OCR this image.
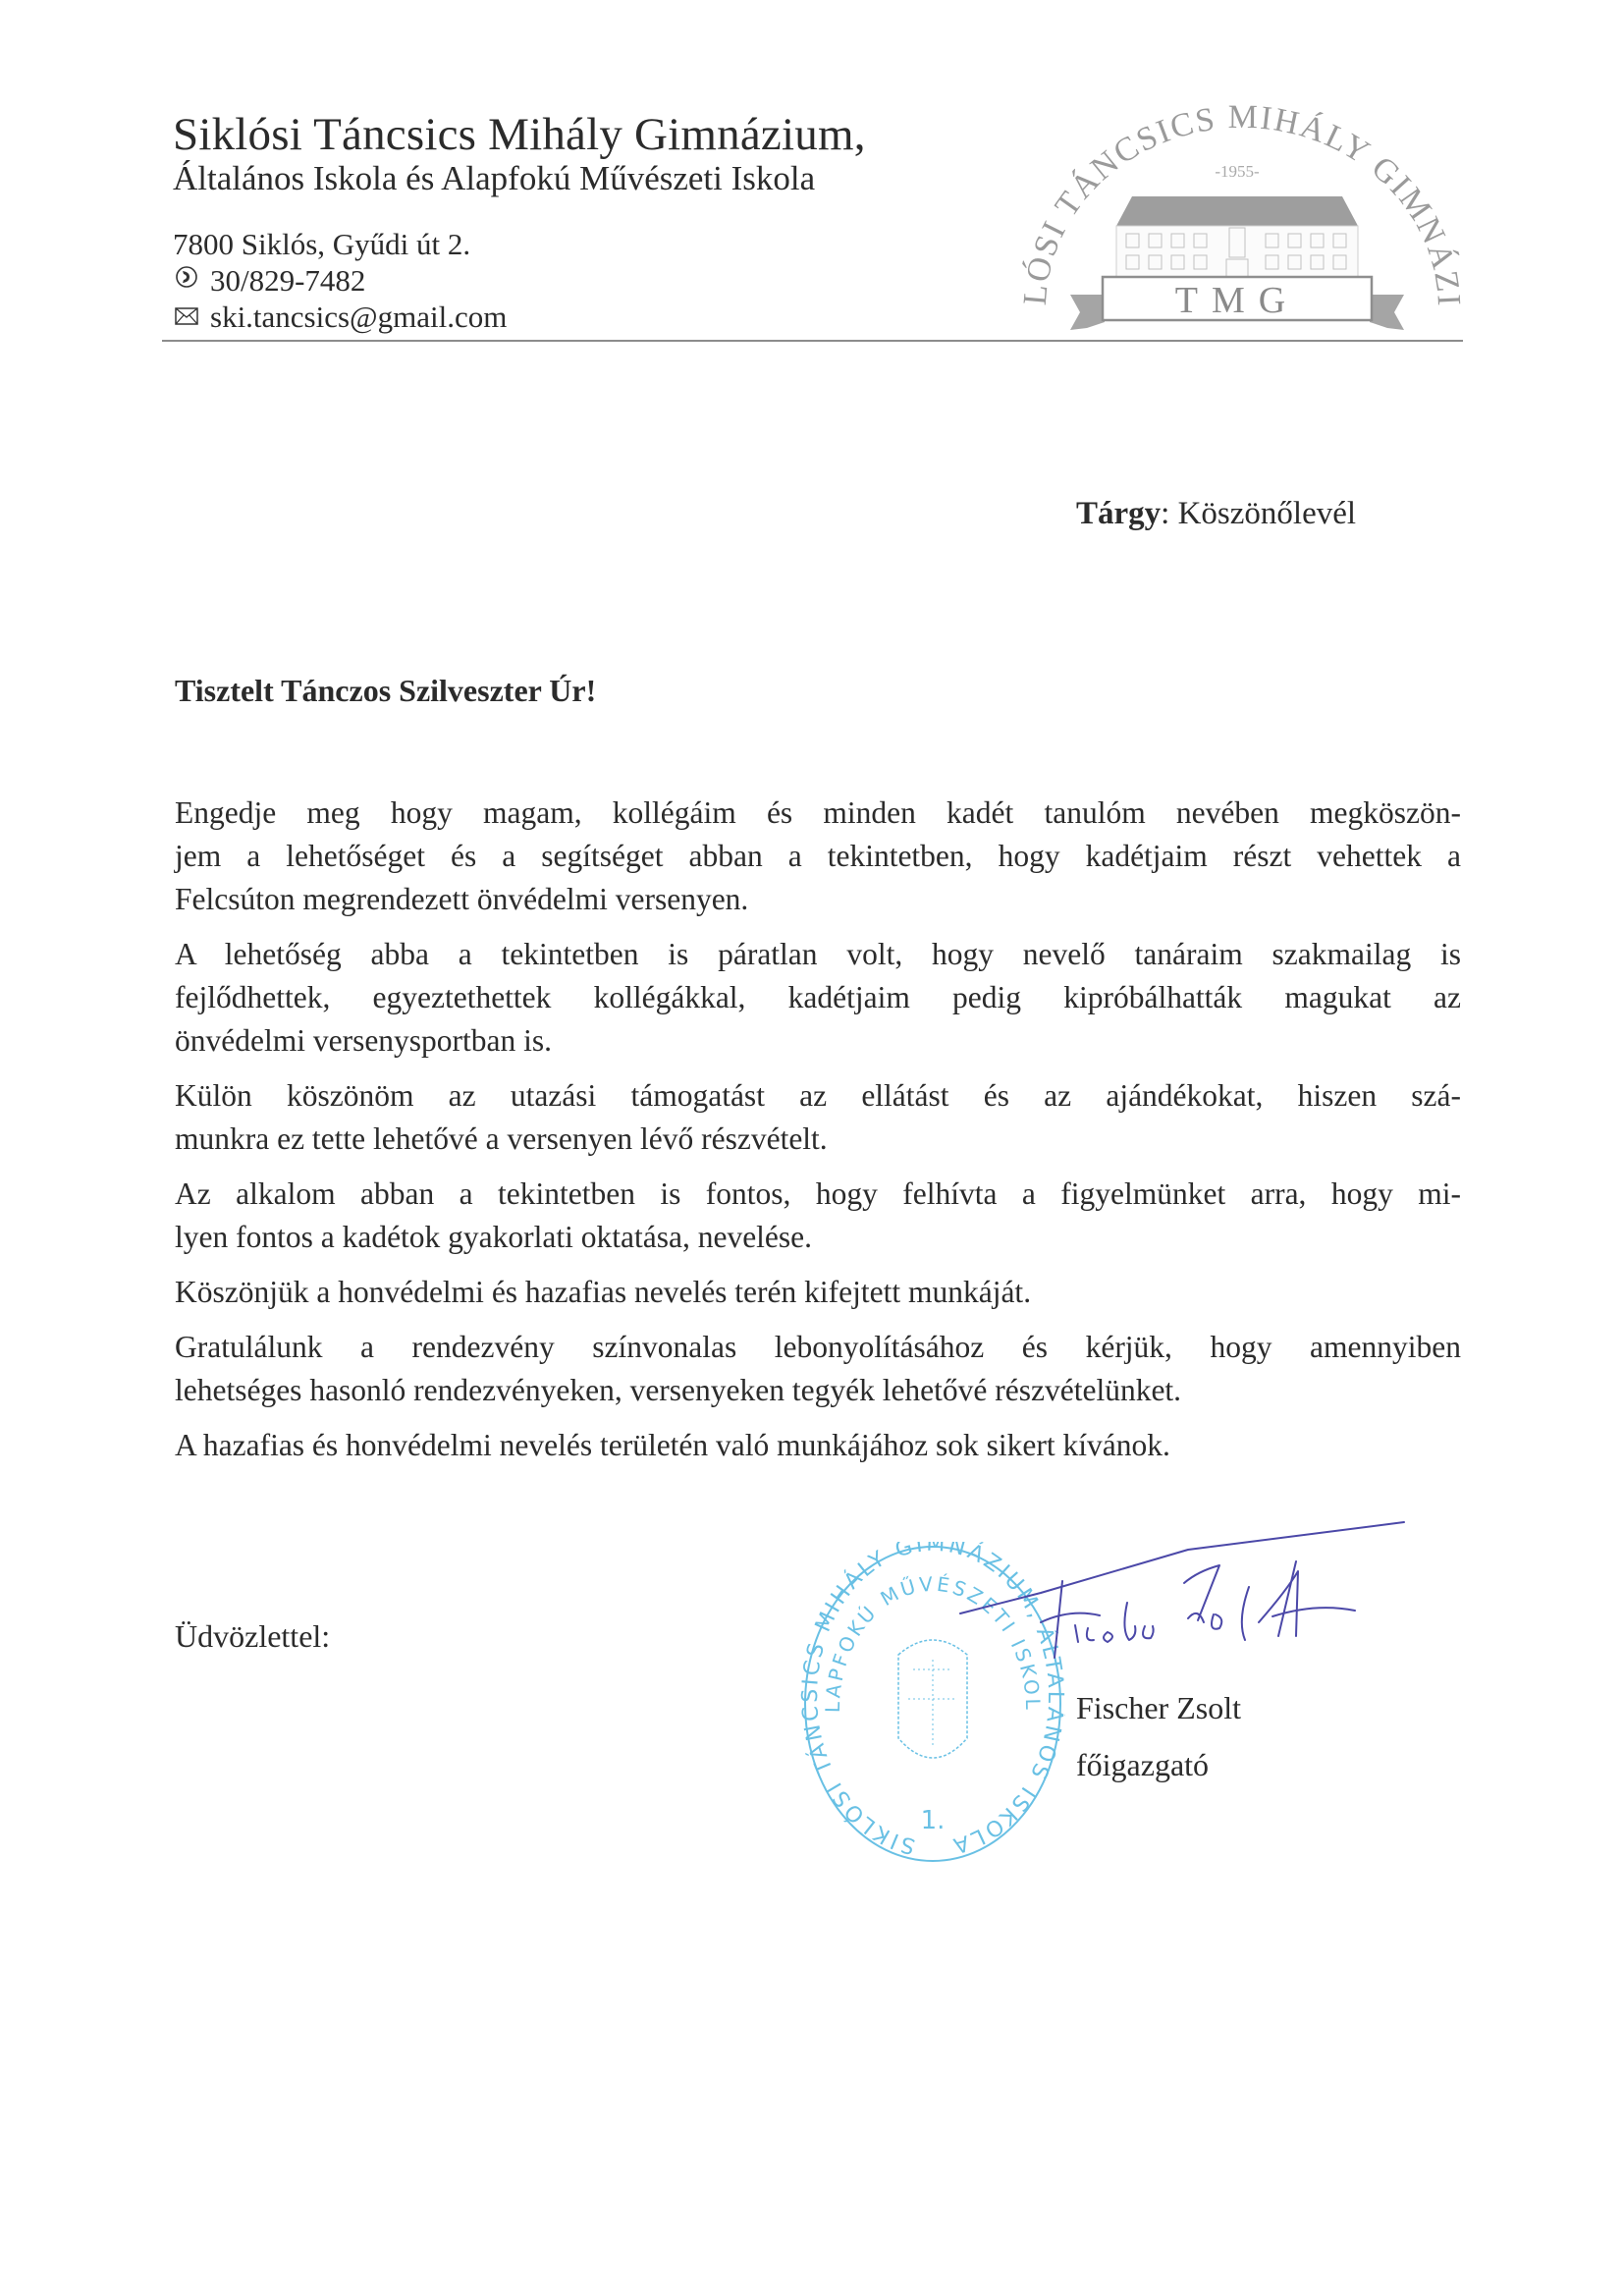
Siklósi Táncsics Mihály Gimnázium,
Általános Iskola és Alapfokú Művészeti Iskola
7800 Siklós, Gyűdi út 2.
30/829-7482
ski.tancsics@gmail.com
LÓSI TÁNCSICS MIHÁLY GIMNÁZI
-1955-
TMG
Tárgy: Köszönőlevél
Tisztelt Tánczos Szilveszter Úr!

Engedje meg hogy magam, kollégáim és minden kadét tanulóm nevében megköszön-
jem a lehetőséget és a segítséget abban a tekintetben, hogy kadétjaim részt vehettek a
Felcsúton megrendezett önvédelmi versenyen.

A lehetőség abba a tekintetben is páratlan volt, hogy nevelő tanáraim szakmailag is
fejlődhettek, egyeztethettek kollégákkal, kadétjaim pedig kipróbálhatták magukat az
önvédelmi versenysportban is.

Külön köszönöm az utazási támogatást az ellátást és az ajándékokat, hiszen szá-
munkra ez tette lehetővé a versenyen lévő részvételt.

Az alkalom abban a tekintetben is fontos, hogy felhívta a figyelmünket arra, hogy mi-
lyen fontos a kadétok gyakorlati oktatása, nevelése.

Köszönjük a honvédelmi és hazafias nevelés terén kifejtett munkáját.

Gratulálunk a rendezvény színvonalas lebonyolításához és kérjük, hogy amennyiben
lehetséges hasonló rendezvényeken, versenyeken tegyék lehetővé részvételünket.

A hazafias és honvédelmi nevelés területén való munkájához sok sikert kívánok.

Üdvözlettel:
SIKLÓSI TÁNCSICS MIHÁLY GIMNÁZIUM, ÁLTALÁNOS ISKOLA
LAPFOKÚ MŰVÉSZETI ISKOL
1.
Fischer Zsolt
főigazgató
